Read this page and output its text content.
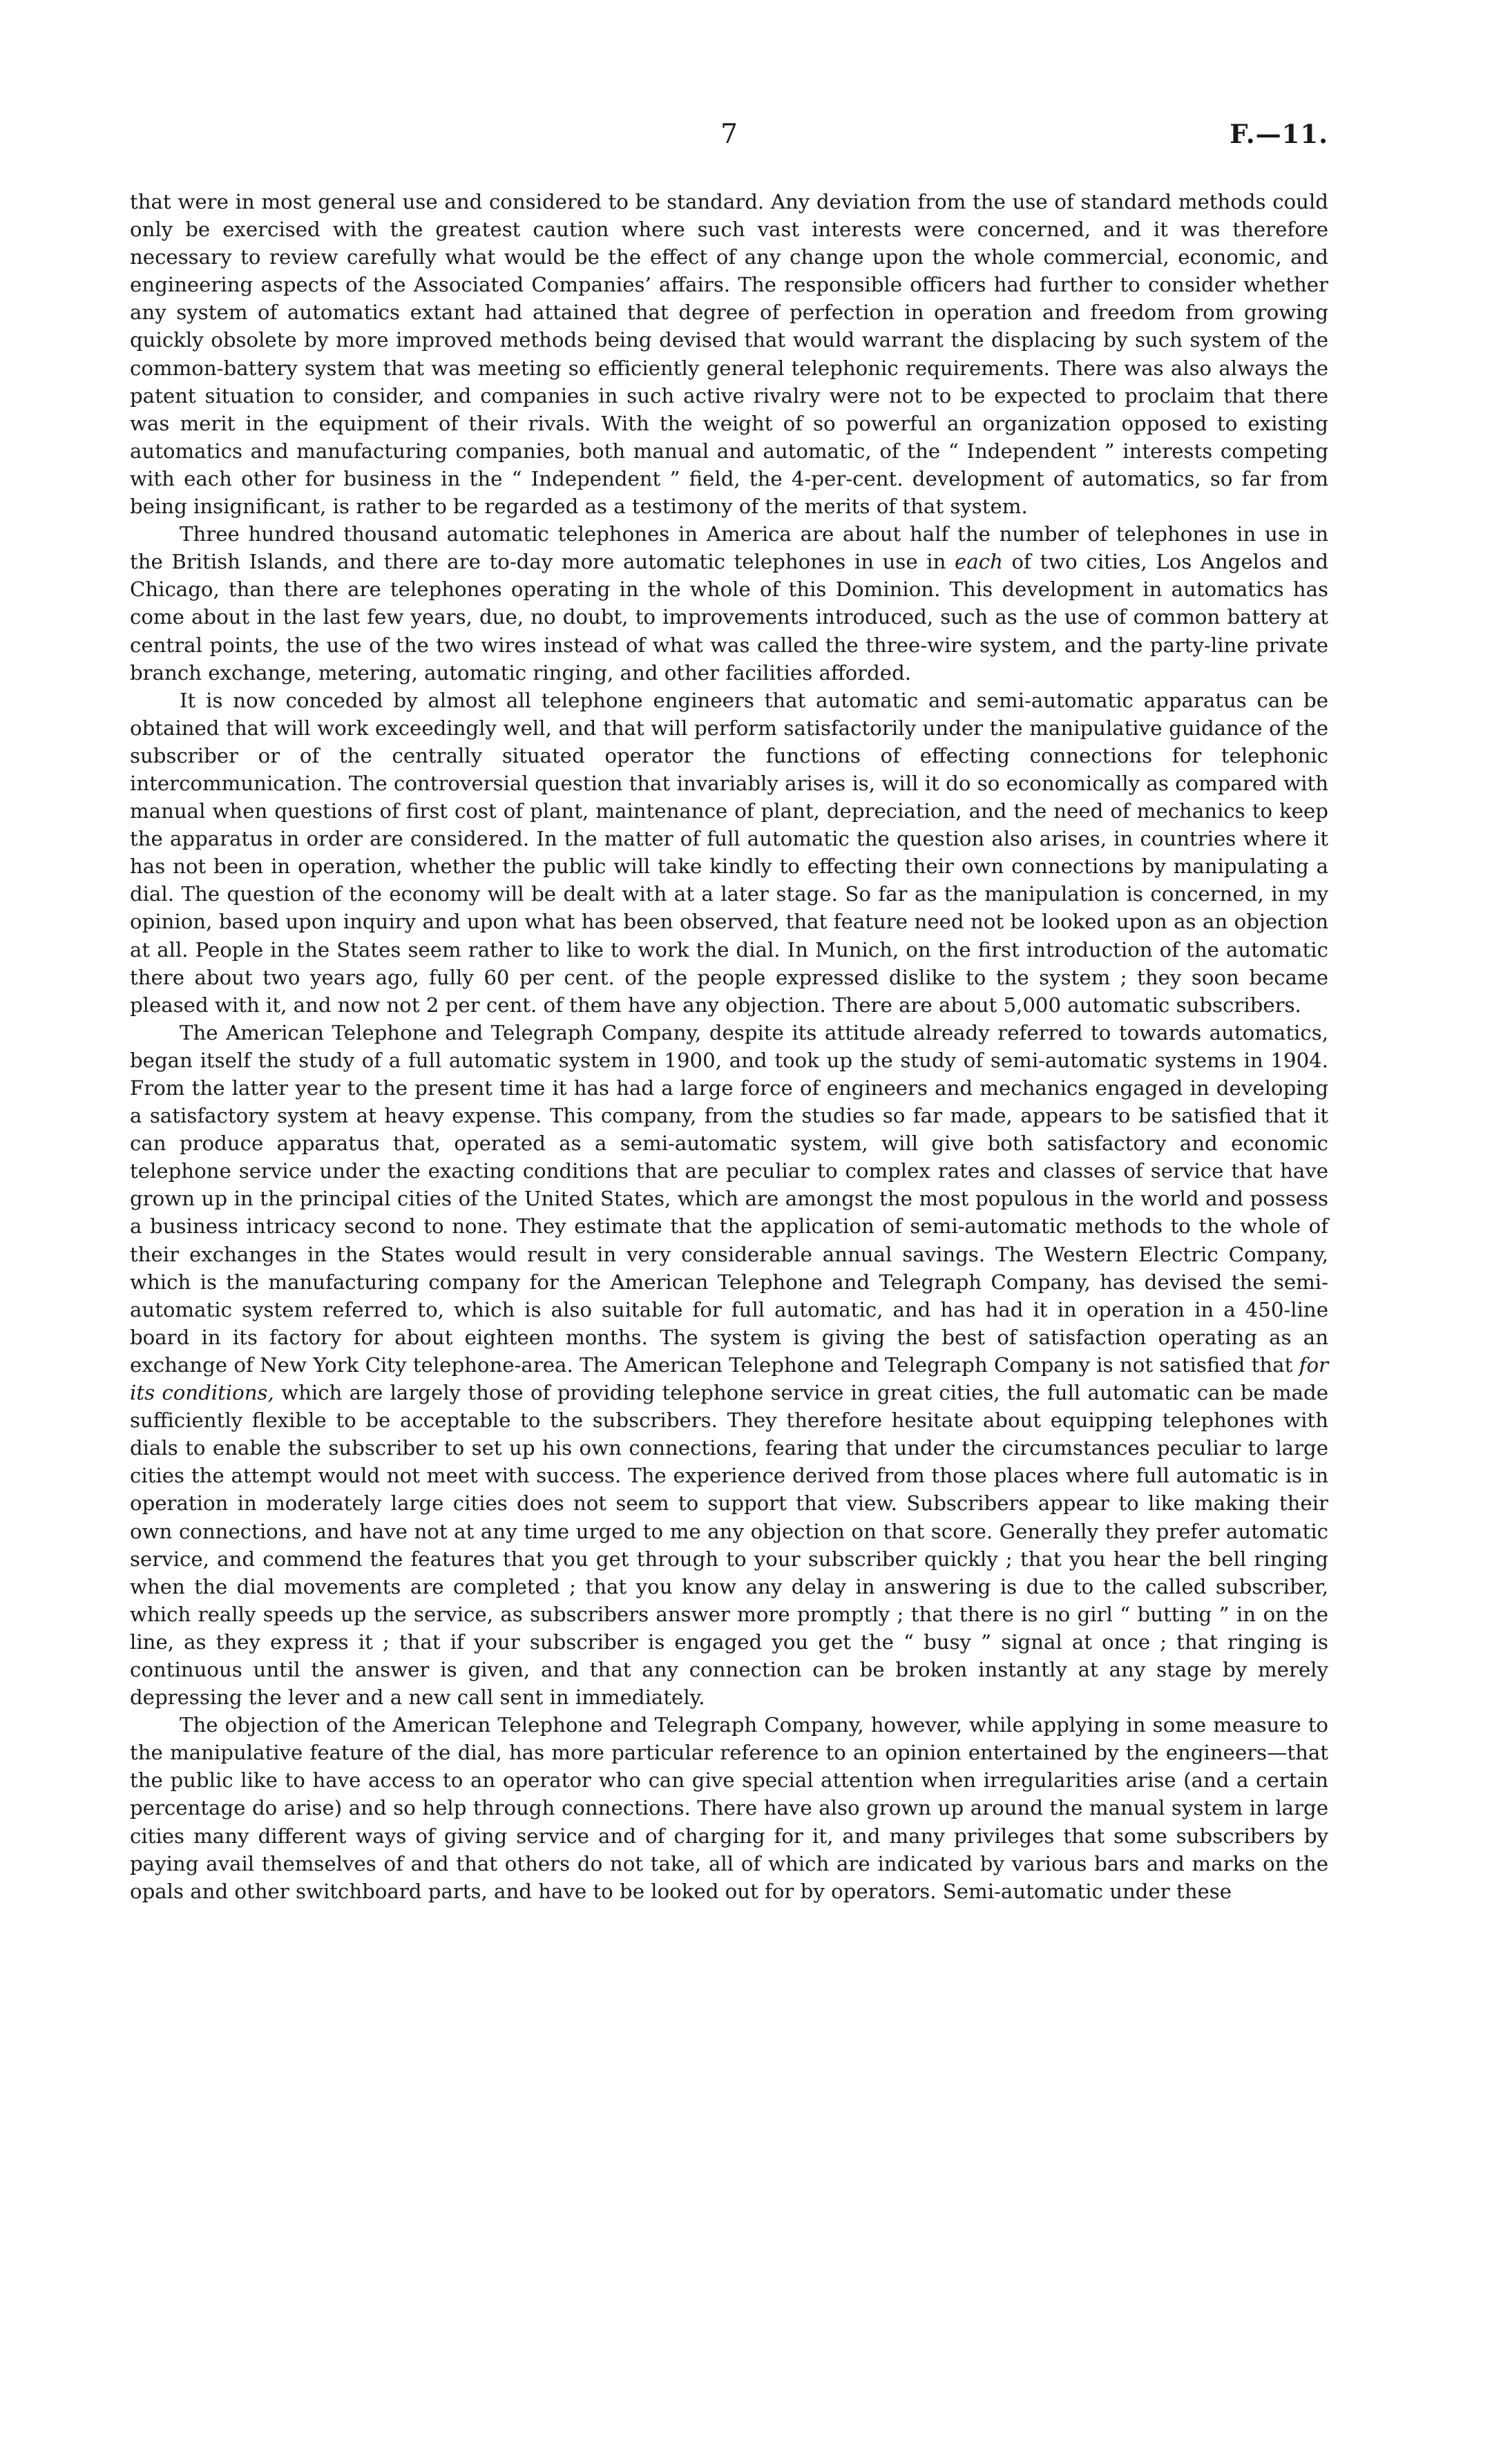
7	F.—11.

that were in most general use and considered to be standard. Any deviation from the use of standard methods could only be exercised with the greatest caution where such vast interests were concerned, and it was therefore necessary to review carefully what would be the effect of any change upon the whole commercial, economic, and engineering aspects of the Associated Companies’ affairs. The responsible officers had further to consider whether any system of automatics extant had attained that degree of perfection in operation and freedom from growing quickly obsolete by more improved methods being devised that would warrant the displacing by such system of the common-battery system that was meeting so efficiently general telephonic requirements. There was also always the patent situation to consider, and companies in such active rivalry were not to be expected to proclaim that there was merit in the equipment of their rivals. With the weight of so powerful an organization opposed to existing automatics and manufacturing companies, both manual and automatic, of the “ Independent ” interests competing with each other for business in the “ Independent ” field, the 4-per-cent. development of automatics, so far from being insignificant, is rather to be regarded as a testimony of the merits of that system.

Three hundred thousand automatic telephones in America are about half the number of telephones in use in the British Islands, and there are to-day more automatic telephones in use in each of two cities, Los Angelos and Chicago, than there are telephones operating in the whole of this Dominion. This development in automatics has come about in the last few years, due, no doubt, to improvements introduced, such as the use of common battery at central points, the use of the two wires instead of what was called the three-wire system, and the party-line private branch exchange, metering, automatic ringing, and other facilities afforded.

It is now conceded by almost all telephone engineers that automatic and semi-automatic apparatus can be obtained that will work exceedingly well, and that will perform satisfactorily under the manipulative guidance of the subscriber or of the centrally situated operator the functions of effecting connections for telephonic intercommunication. The controversial question that invariably arises is, will it do so economically as compared with manual when questions of first cost of plant, maintenance of plant, depreciation, and the need of mechanics to keep the apparatus in order are considered. In the matter of full automatic the question also arises, in countries where it has not been in operation, whether the public will take kindly to effecting their own connections by manipulating a dial. The question of the economy will be dealt with at a later stage. So far as the manipulation is concerned, in my opinion, based upon inquiry and upon what has been observed, that feature need not be looked upon as an objection at all. People in the States seem rather to like to work the dial. In Munich, on the first introduction of the automatic there about two years ago, fully 60 per cent. of the people expressed dislike to the system ; they soon became pleased with it, and now not 2 per cent. of them have any objection. There are about 5,000 automatic subscribers.

The American Telephone and Telegraph Company, despite its attitude already referred to towards automatics, began itself the study of a full automatic system in 1900, and took up the study of semi-automatic systems in 1904. From the latter year to the present time it has had a large force of engineers and mechanics engaged in developing a satisfactory system at heavy expense. This company, from the studies so far made, appears to be satisfied that it can produce apparatus that, operated as a semi-automatic system, will give both satisfactory and economic telephone service under the exacting conditions that are peculiar to complex rates and classes of service that have grown up in the principal cities of the United States, which are amongst the most populous in the world and possess a business intricacy second to none. They estimate that the application of semi-automatic methods to the whole of their exchanges in the States would result in very considerable annual savings. The Western Electric Company, which is the manufacturing company for the American Telephone and Telegraph Company, has devised the semi-automatic system referred to, which is also suitable for full automatic, and has had it in operation in a 450-line board in its factory for about eighteen months. The system is giving the best of satisfaction operating as an exchange of New York City telephone-area. The American Telephone and Telegraph Company is not satisfied that for its conditions, which are largely those of providing telephone service in great cities, the full automatic can be made sufficiently flexible to be acceptable to the subscribers. They therefore hesitate about equipping telephones with dials to enable the subscriber to set up his own connections, fearing that under the circumstances peculiar to large cities the attempt would not meet with success. The experience derived from those places where full automatic is in operation in moderately large cities does not seem to support that view. Subscribers appear to like making their own connections, and have not at any time urged to me any objection on that score. Generally they prefer automatic service, and commend the features that you get through to your subscriber quickly ; that you hear the bell ringing when the dial movements are completed ; that you know any delay in answering is due to the called subscriber, which really speeds up the service, as subscribers answer more promptly ; that there is no girl “ butting ” in on the line, as they express it ; that if your subscriber is engaged you get the “ busy ” signal at once ; that ringing is continuous until the answer is given, and that any connection can be broken instantly at any stage by merely depressing the lever and a new call sent in immediately.

The objection of the American Telephone and Telegraph Company, however, while applying in some measure to the manipulative feature of the dial, has more particular reference to an opinion entertained by the engineers—that the public like to have access to an operator who can give special attention when irregularities arise (and a certain percentage do arise) and so help through connections. There have also grown up around the manual system in large cities many different ways of giving service and of charging for it, and many privileges that some subscribers by paying avail themselves of and that others do not take, all of which are indicated by various bars and marks on the opals and other switchboard parts, and have to be looked out for by operators. Semi-automatic under these
